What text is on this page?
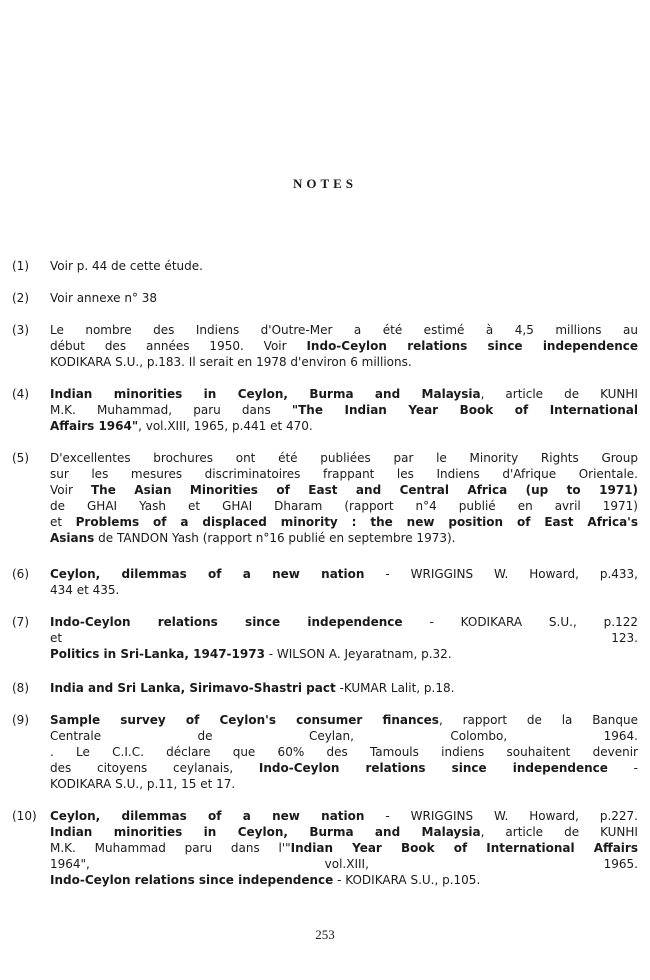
NOTES
(1)	Voir p. 44 de cette étude.
(2)	Voir annexe n° 38
(3)	Le nombre des Indiens d'Outre-Mer a été estimé à 4,5 millions au
début des années 1950. Voir Indo-Ceylon relations since independence
KODIKARA S.U., p.183. Il serait en 1978 d'environ 6 millions.
(4)	Indian minorities in Ceylon, Burma and Malaysia, article de KUNHI
M.K. Muhammad, paru dans "The Indian Year Book of International
Affairs 1964", vol.XIII, 1965, p.441 et 470.
(5)	D'excellentes brochures ont été publiées par le Minority Rights Group
sur les mesures discriminatoires frappant les Indiens d'Afrique Orientale.
Voir The Asian Minorities of East and Central Africa (up to 1971)
de GHAI Yash et GHAI Dharam (rapport n°4 publié en avril 1971)
et Problems of a displaced minority : the new position of East Africa's
Asians de TANDON Yash (rapport n°16 publié en septembre 1973).
(6)	Ceylon, dilemmas of a new nation - WRIGGINS W. Howard, p.433,
434 et 435.
(7)	Indo-Ceylon relations since independence - KODIKARA S.U., p.122
et 123.
Politics in Sri-Lanka, 1947-1973 - WILSON A. Jeyaratnam, p.32.
(8)	India and Sri Lanka, Sirimavo-Shastri pact -KUMAR Lalit, p.18.
(9)	Sample survey of Ceylon's consumer finances, rapport de la Banque
Centrale de Ceylan, Colombo, 1964.
. Le C.I.C. déclare que 60% des Tamouls indiens souhaitent devenir
des citoyens ceylanais, Indo-Ceylon relations since independence -
KODIKARA S.U., p.11, 15 et 17.
(10)	Ceylon, dilemmas of a new nation - WRIGGINS W. Howard, p.227.
Indian minorities in Ceylon, Burma and Malaysia, article de KUNHI
M.K. Muhammad paru dans l'"Indian Year Book of International Affairs
1964", vol.XIII, 1965.
Indo-Ceylon relations since independence - KODIKARA S.U., p.105.
253
